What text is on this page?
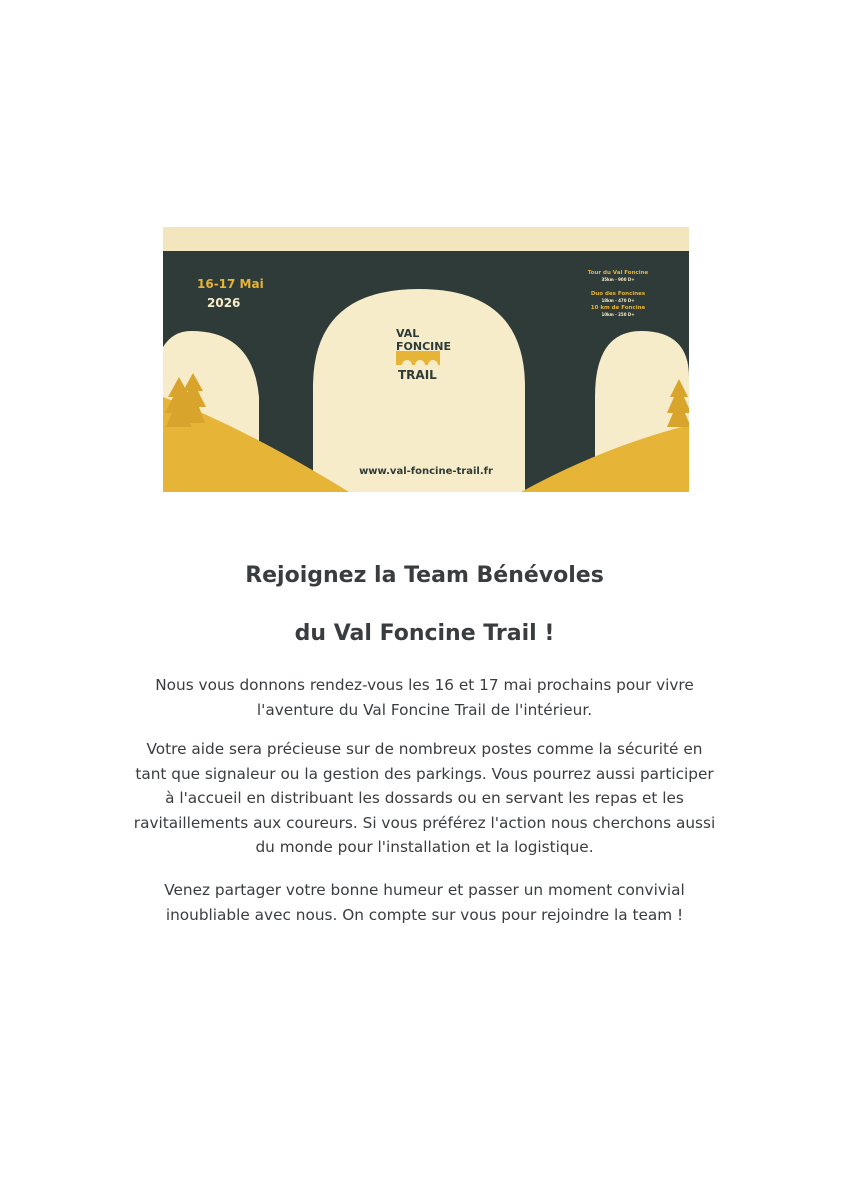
VAL
FONCINE
TRAIL
16-17 Mai
2026
Tour du Val Foncine
35km · 900 D+
Duo des Foncines
18km · 470 D+
10 km de Foncine
10km · 250 D+
www.val-foncine-trail.fr
Rejoignez la Team Bénévoles
du Val Foncine Trail !

Nous vous donnons rendez-vous les 16 et 17 mai prochains pour vivre
l'aventure du Val Foncine Trail de l'intérieur.

Votre aide sera précieuse sur de nombreux postes comme la sécurité en
tant que signaleur ou la gestion des parkings. Vous pourrez aussi participer
à l'accueil en distribuant les dossards ou en servant les repas et les
ravitaillements aux coureurs. Si vous préférez l'action nous cherchons aussi
du monde pour l'installation et la logistique.

Venez partager votre bonne humeur et passer un moment convivial
inoubliable avec nous. On compte sur vous pour rejoindre la team !
